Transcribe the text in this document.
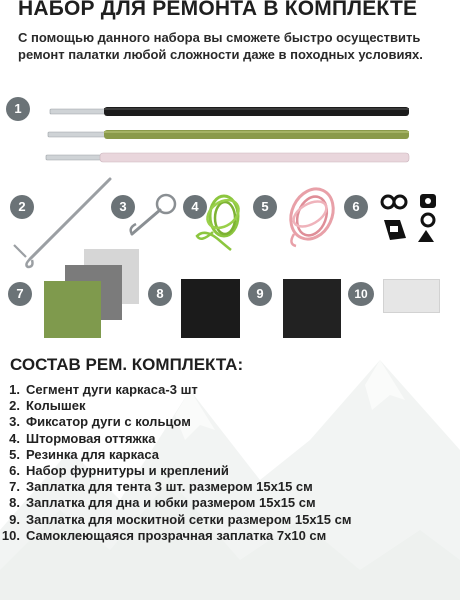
НАБОР ДЛЯ РЕМОНТА В КОМПЛЕКТЕ
С помощью данного набора вы сможете быстро осуществить ремонт палатки любой сложности даже в походных условиях.
1
2	3	4	5	6
7	8	9	10
СОСТАВ РЕМ. КОМПЛЕКТА:
1. Сегмент дуги каркаса-3 шт
2. Колышек
3. Фиксатор дуги с кольцом
4. Штормовая оттяжка
5. Резинка для каркаса
6. Набор фурнитуры и креплений
7. Заплатка для тента 3 шт. размером 15х15 см
8. Заплатка для дна и юбки размером 15х15 см
9. Заплатка для москитной сетки размером 15х15 см
10. Самоклеющаяся прозрачная заплатка 7х10 см
